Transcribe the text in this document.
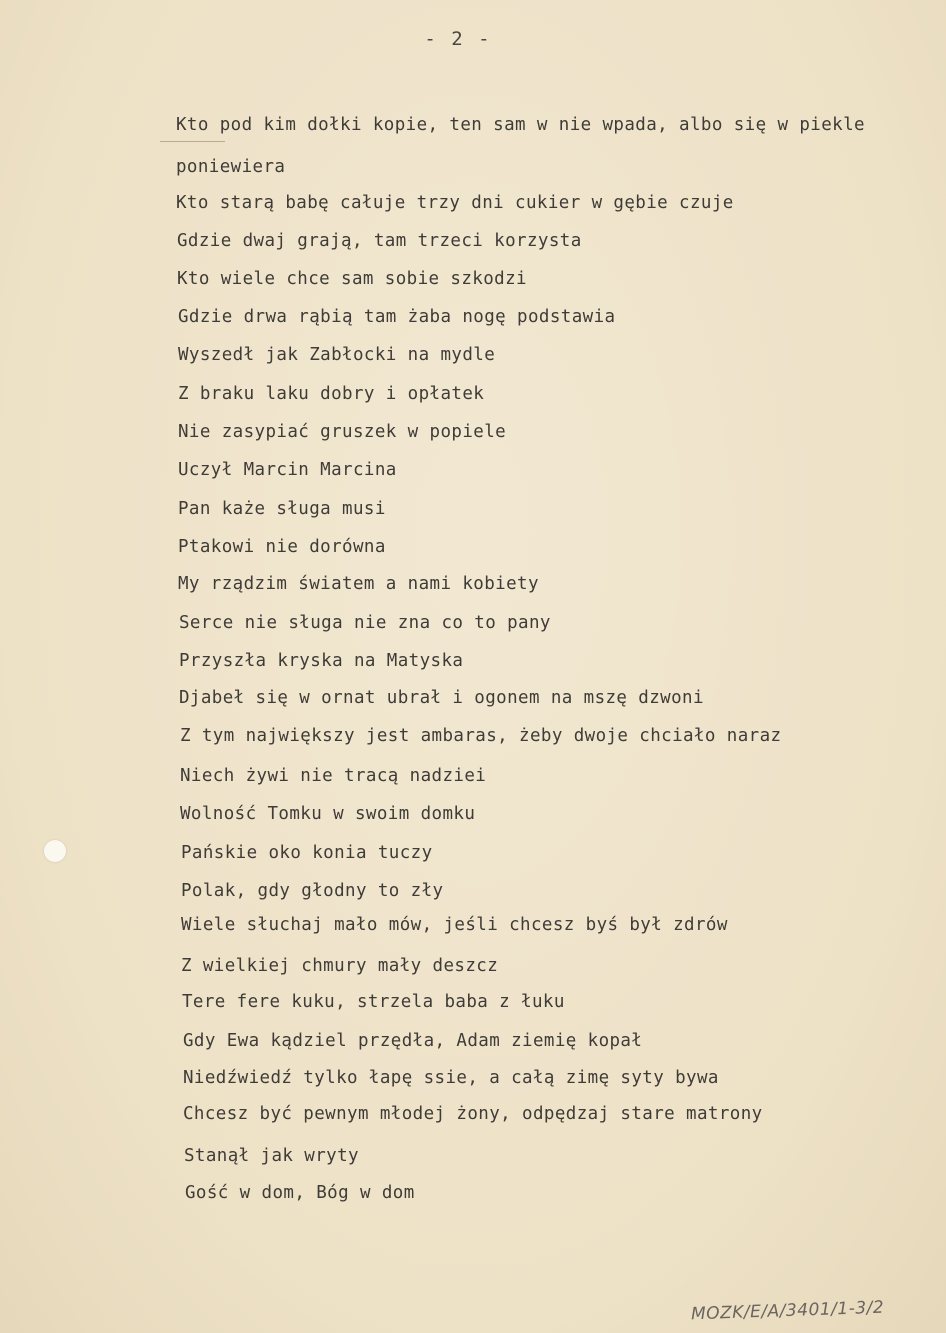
- 2 -
Kto pod kim dołki kopie, ten sam w nie wpada, albo się w piekle
poniewiera
Kto starą babę całuje trzy dni cukier w gębie czuje
Gdzie dwaj grają, tam trzeci korzysta
Kto wiele chce sam sobie szkodzi
Gdzie drwa rąbią tam żaba nogę podstawia
Wyszedł jak Zabłocki na mydle
Z braku laku dobry i opłatek
Nie zasypiać gruszek w popiele
Uczył Marcin Marcina
Pan każe sługa musi
Ptakowi nie dorówna
My rządzim światem a nami kobiety
Serce nie sługa nie zna co to pany
Przyszła kryska na Matyska
Djabeł się w ornat ubrał i ogonem na mszę dzwoni
Z tym największy jest ambaras, żeby dwoje chciało naraz
Niech żywi nie tracą nadziei
Wolność Tomku w swoim domku
Pańskie oko konia tuczy
Polak, gdy głodny to zły
Wiele słuchaj mało mów, jeśli chcesz byś był zdrów
Z wielkiej chmury mały deszcz
Tere fere kuku, strzela baba z łuku
Gdy Ewa kądziel przędła, Adam ziemię kopał
Niedźwiedź tylko łapę ssie, a całą zimę syty bywa
Chcesz być pewnym młodej żony, odpędzaj stare matrony
Stanął jak wryty
Gość w dom, Bóg w dom
MOZK/E/A/3401/1-3/2
